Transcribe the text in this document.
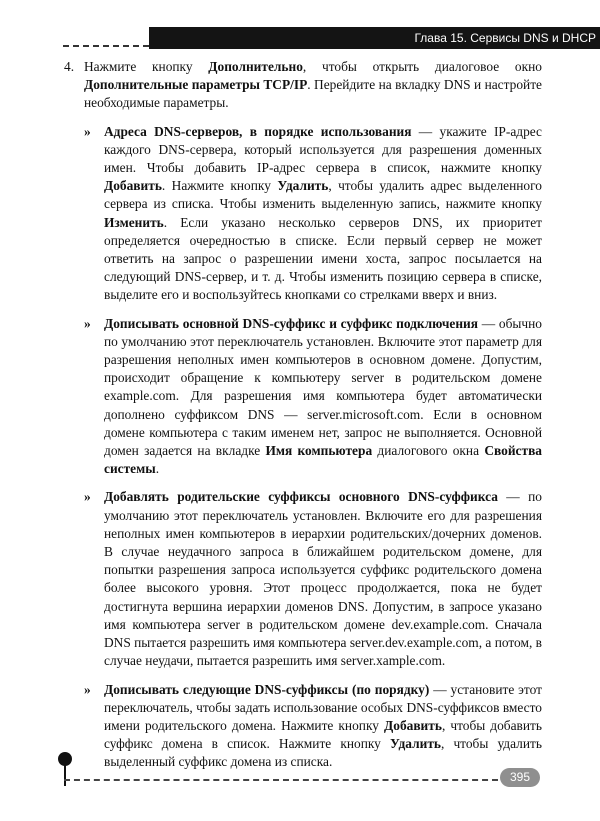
Глава 15. Сервисы DNS и DHCP
4. Нажмите кнопку Дополнительно, чтобы открыть диалоговое окно Дополнительные параметры TCP/IP. Перейдите на вкладку DNS и настройте необходимые параметры.
» Адреса DNS-серверов, в порядке использования — укажите IP-адрес каждого DNS-сервера, который используется для разрешения доменных имен. Чтобы добавить IP-адрес сервера в список, нажмите кнопку Добавить. Нажмите кнопку Удалить, чтобы удалить адрес выделенного сервера из списка. Чтобы изменить выделенную запись, нажмите кнопку Изменить. Если указано несколько серверов DNS, их приоритет определяется очередностью в списке. Если первый сервер не может ответить на запрос о разрешении имени хоста, запрос посылается на следующий DNS-сервер, и т. д. Чтобы изменить позицию сервера в списке, выделите его и воспользуйтесь кнопками со стрелками вверх и вниз.
» Дописывать основной DNS-суффикс и суффикс подключения — обычно по умолчанию этот переключатель установлен. Включите этот параметр для разрешения неполных имен компьютеров в основном домене. Допустим, происходит обращение к компьютеру server в родительском домене example.com. Для разрешения имя компьютера будет автоматически дополнено суффиксом DNS — server.microsoft.com. Если в основном домене компьютера с таким именем нет, запрос не выполняется. Основной домен задается на вкладке Имя компьютера диалогового окна Свойства системы.
» Добавлять родительские суффиксы основного DNS-суффикса — по умолчанию этот переключатель установлен. Включите его для разрешения неполных имен компьютеров в иерархии родительских/дочерних доменов. В случае неудачного запроса в ближайшем родительском домене, для попытки разрешения запроса используется суффикс родительского домена более высокого уровня. Этот процесс продолжается, пока не будет достигнута вершина иерархии доменов DNS. Допустим, в запросе указано имя компьютера server в родительском домене dev.example.com. Сначала DNS пытается разрешить имя компьютера server.dev.example.com, а потом, в случае неудачи, пытается разрешить имя server.xample.com.
» Дописывать следующие DNS-суффиксы (по порядку) — установите этот переключатель, чтобы задать использование особых DNS-суффиксов вместо имени родительского домена. Нажмите кнопку Добавить, чтобы добавить суффикс домена в список. Нажмите кнопку Удалить, чтобы удалить выделенный суффикс домена из списка.
395
